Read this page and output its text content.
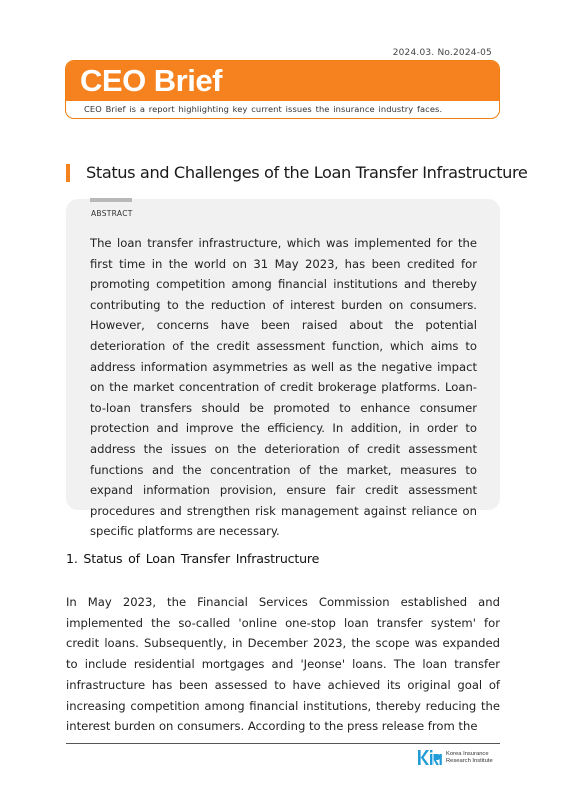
2024.03. No.2024-05
CEO Brief
CEO Brief is a report highlighting key current issues the insurance industry faces.
Status and Challenges of the Loan Transfer Infrastructure
ABSTRACT

The loan transfer infrastructure, which was implemented for the first time in the world on 31 May 2023, has been credited for promoting competition among financial institutions and thereby contributing to the reduction of interest burden on consumers. However, concerns have been raised about the potential deterioration of the credit assessment function, which aims to address information asymmetries as well as the negative impact on the market concentration of credit brokerage platforms. Loan-to-loan transfers should be promoted to enhance consumer protection and improve the efficiency. In addition, in order to address the issues on the deterioration of credit assessment functions and the concentration of the market, measures to expand information provision, ensure fair credit assessment procedures and strengthen risk management against reliance on specific platforms are necessary.

1. Status of Loan Transfer Infrastructure

In May 2023, the Financial Services Commission established and implemented the so-called 'online one-stop loan transfer system' for credit loans. Subsequently, in December 2023, the scope was expanded to include residential mortgages and 'Jeonse' loans. The loan transfer infrastructure has been assessed to have achieved its original goal of increasing competition among financial institutions, thereby reducing the interest burden on consumers. According to the press release from the

Korea Insurance
Research Institute
